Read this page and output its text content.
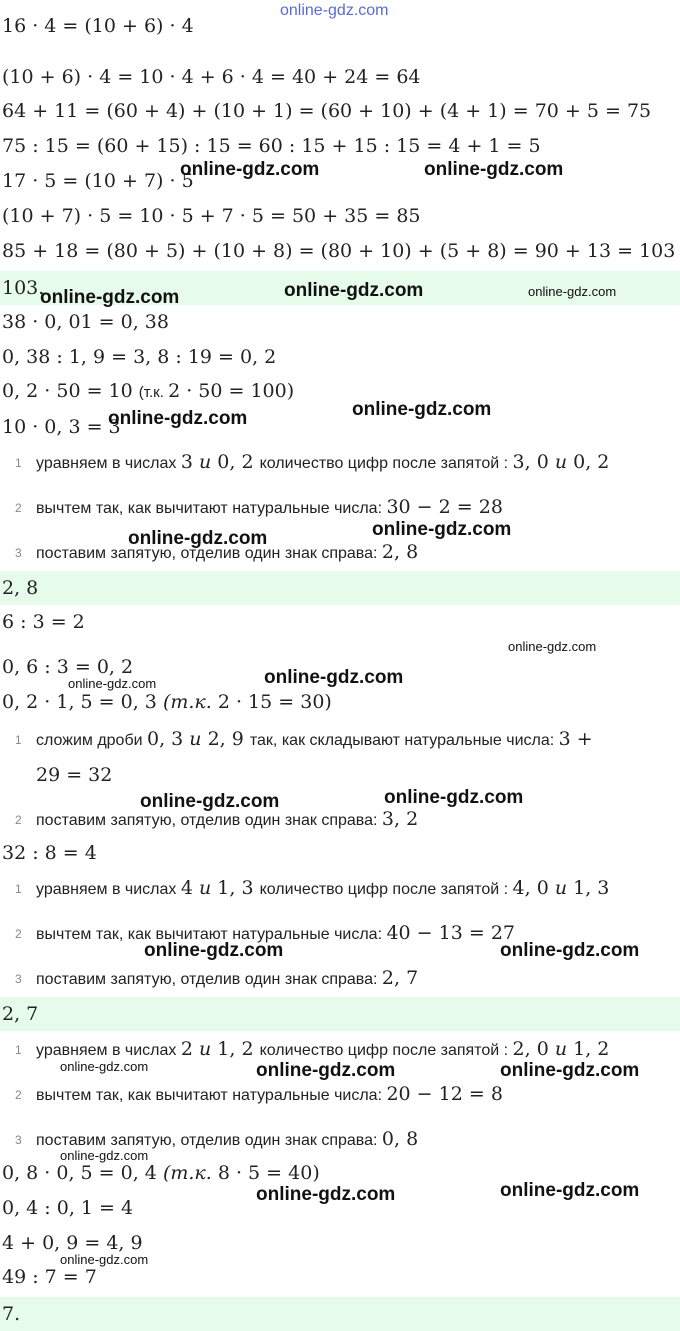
online-gdz.com
16 · 4 = (10 + 6) · 4
(10 + 6) · 4 = 10 · 4 + 6 · 4 = 40 + 24 = 64
64 + 11 = (60 + 4) + (10 + 1) = (60 + 10) + (4 + 1) = 70 + 5 = 75
75 : 15 = (60 + 15) : 15 = 60 : 15 + 15 : 15 = 4 + 1 = 5
17 · 5 = (10 + 7) · 5
online-gdz.com	online-gdz.com
(10 + 7) · 5 = 10 · 5 + 7 · 5 = 50 + 35 = 85
85 + 18 = (80 + 5) + (10 + 8) = (80 + 10) + (5 + 8) = 90 + 13 = 103
103.
online-gdz.com	online-gdz.com	online-gdz.com
38 · 0, 01 = 0, 38
0, 38 : 1, 9 = 3, 8 : 19 = 0, 2
0, 2 · 50 = 10 (т.к. 2 · 50 = 100)
10 · 0, 3 = 3
online-gdz.com	online-gdz.com
1 уравняем в числах 3 и 0, 2 количество цифр после запятой : 3, 0 и 0, 2
2 вычтем так, как вычитают натуральные числа: 30 − 2 = 28
online-gdz.com	online-gdz.com
3 поставим запятую, отделив один знак справа: 2, 8
2, 8
6 : 3 = 2
online-gdz.com
0, 6 : 3 = 0, 2
online-gdz.com	online-gdz.com
0, 2 · 1, 5 = 0, 3 (т.к. 2 · 15 = 30)
1 сложим дроби 0, 3 и 2, 9 так, как складывают натуральные числа: 3 +
29 = 32
online-gdz.com	online-gdz.com
2 поставим запятую, отделив один знак справа: 3, 2
32 : 8 = 4
1 уравняем в числах 4 и 1, 3 количество цифр после запятой : 4, 0 и 1, 3
2 вычтем так, как вычитают натуральные числа: 40 − 13 = 27
online-gdz.com	online-gdz.com
3 поставим запятую, отделив один знак справа: 2, 7
2, 7
1 уравняем в числах 2 и 1, 2 количество цифр после запятой : 2, 0 и 1, 2
online-gdz.com	online-gdz.com	online-gdz.com
2 вычтем так, как вычитают натуральные числа: 20 − 12 = 8
3 поставим запятую, отделив один знак справа: 0, 8
online-gdz.com
0, 8 · 0, 5 = 0, 4 (т.к. 8 · 5 = 40)
online-gdz.com	online-gdz.com
0, 4 : 0, 1 = 4
4 + 0, 9 = 4, 9
online-gdz.com
49 : 7 = 7
7.
